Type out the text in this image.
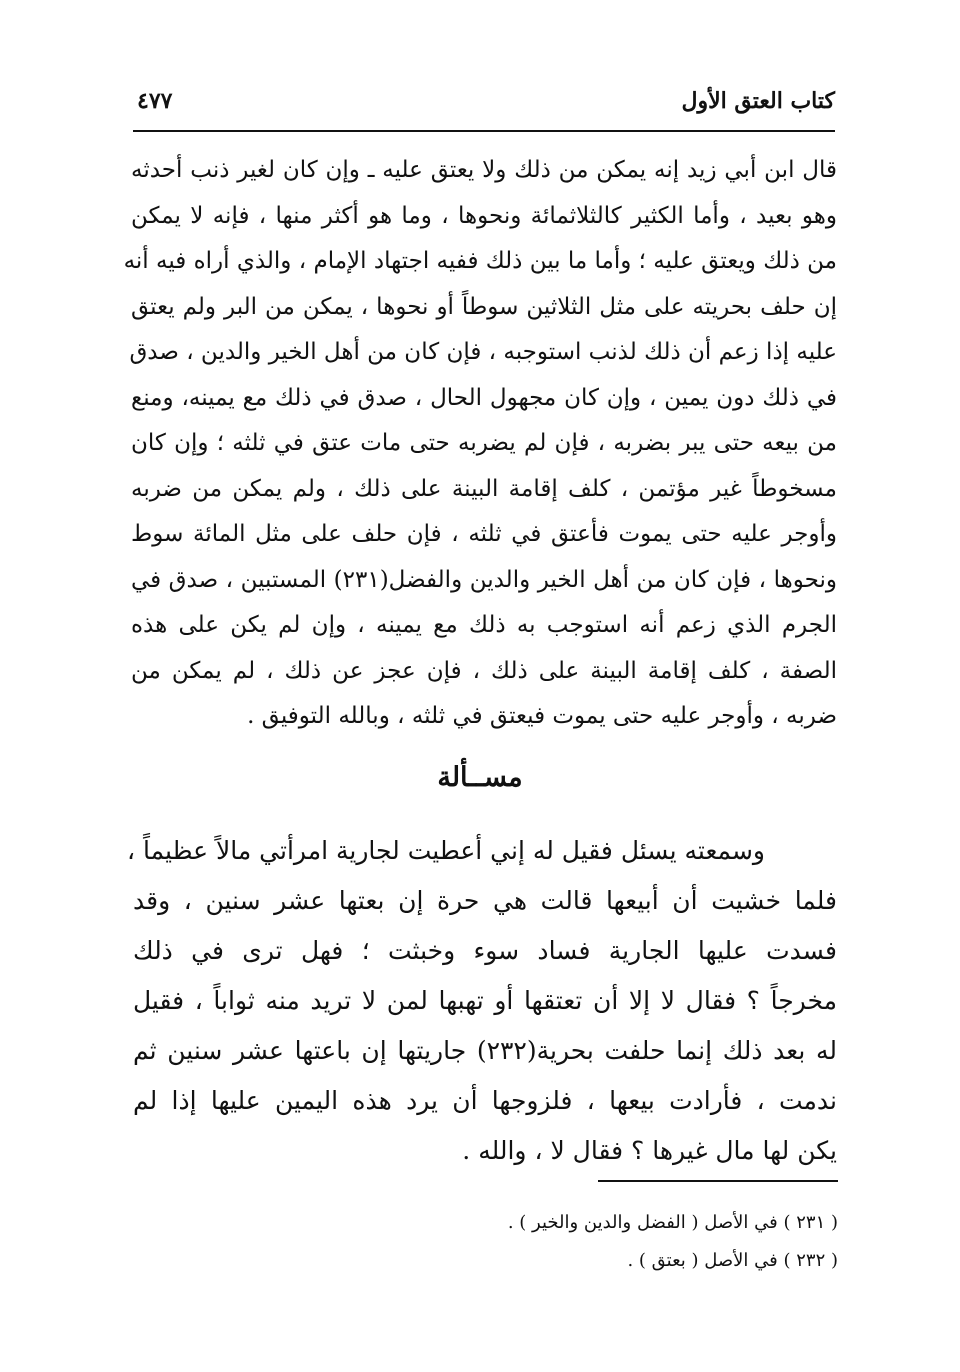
كتاب العتق الأول
٤٧٧
قال ابن أبي زيد إنه يمكن من ذلك ولا يعتق عليه ـ وإن كان لغير ذنب أحدثه
وهو بعيد ، وأما الكثير كالثلاثمائة ونحوها ، وما هو أكثر منها ، فإنه لا يمكن
من ذلك ويعتق عليه ؛ وأما ما بين ذلك ففيه اجتهاد الإمام ، والذي أراه فيه أنه
إن حلف بحريته على مثل الثلاثين سوطاً أو نحوها ، يمكن من البر ولم يعتق
عليه إذا زعم أن ذلك لذنب استوجبه ، فإن كان من أهل الخير والدين ، صدق
في ذلك دون يمين ، وإن كان مجهول الحال ، صدق في ذلك مع يمينه، ومنع
من بيعه حتى يبر بضربه ، فإن لم يضربه حتى مات عتق في ثلثه ؛ وإن كان
مسخوطاً غير مؤتمن ، كلف إقامة البينة على ذلك ، ولم يمكن من ضربه
وأوجر عليه حتى يموت فأعتق في ثلثه ، فإن حلف على مثل المائة سوط
ونحوها ، فإن كان من أهل الخير والدين والفضل(٢٣١) المستبين ، صدق في
الجرم الذي زعم أنه استوجب به ذلك مع يمينه ، وإن لم يكن على هذه
الصفة ، كلف إقامة البينة على ذلك ، فإن عجز عن ذلك ، لم يمكن من
ضربه ، وأوجر عليه حتى يموت فيعتق في ثلثه ، وبالله التوفيق .
مســألة
وسمعته يسئل فقيل له إني أعطيت لجارية امرأتي مالاً عظيماً ،
فلما خشيت أن أبيعها قالت هي حرة إن بعتها عشر سنين ، وقد
فسدت عليها الجارية فساد سوء وخبثت ؛ فهل ترى في ذلك
مخرجاً ؟ فقال لا إلا أن تعتقها أو تهبها لمن لا تريد منه ثواباً ، فقيل
له بعد ذلك إنما حلفت بحرية(٢٣٢) جاريتها إن باعتها عشر سنين ثم
ندمت ، فأرادت بيعها ، فلزوجها أن يرد هذه اليمين عليها إذا لم
يكن لها مال غيرها ؟ فقال لا ، والله .
( ٢٣١ ) في الأصل ( الفضل والدين والخير ) .
( ٢٣٢ ) في الأصل ( بعتق ) .
